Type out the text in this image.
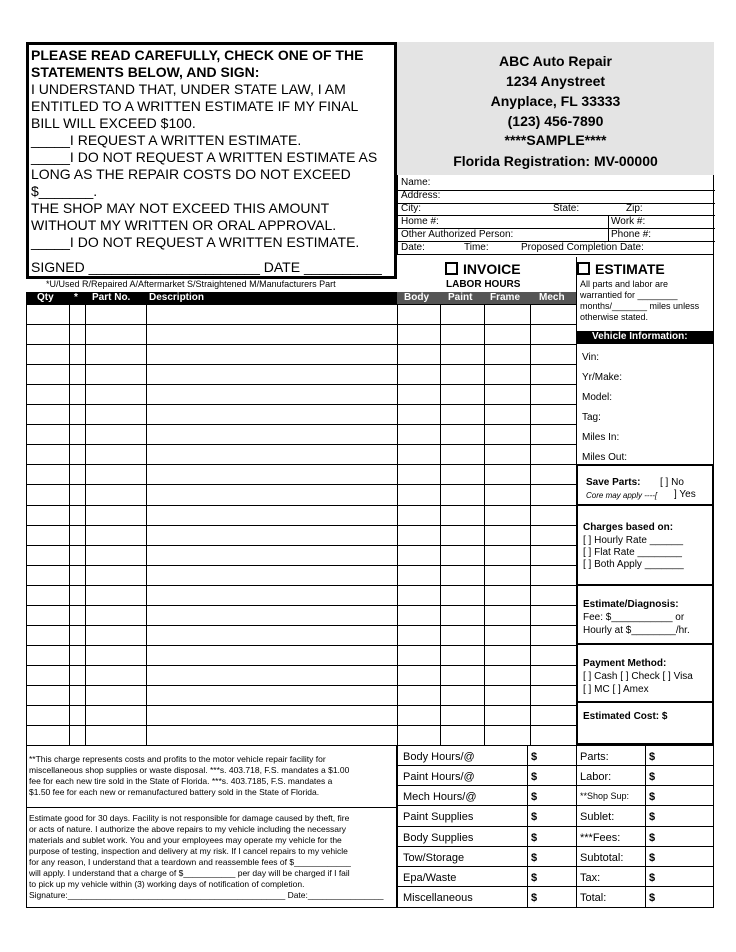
PLEASE READ CAREFULLY, CHECK ONE OF THE
STATEMENTS BELOW, AND SIGN:
I UNDERSTAND THAT, UNDER STATE LAW, I AM
ENTITLED TO A WRITTEN ESTIMATE IF MY FINAL
BILL WILL EXCEED $100.
_____I REQUEST A WRITTEN ESTIMATE.
_____I DO NOT REQUEST A WRITTEN ESTIMATE AS
LONG AS THE REPAIR COSTS DO NOT EXCEED
$_______.
THE SHOP MAY NOT EXCEED THIS AMOUNT
WITHOUT MY WRITTEN OR ORAL APPROVAL.
_____I DO NOT REQUEST A WRITTEN ESTIMATE.
SIGNED ______________________ DATE __________
ABC Auto Repair
1234 Anystreet
Anyplace, FL 33333
(123) 456-7890
****SAMPLE****
Florida Registration: MV-00000
Name:
Address:
City:	State:	Zip:
Home #:	Work #:
Other Authorized Person:	Phone #:
Date:	Time:	Proposed Completion Date:
INVOICE	ESTIMATE
*U/Used R/Repaired A/Aftermarket S/Straightened M/Manufacturers Part	LABOR HOURS
Qty * Part No. Description	Body Paint Frame Mech
All parts and labor are
warrantied for ________
months/_______ miles unless
otherwise stated.
Vehicle Information:
Vin:
Yr/Make:
Model:
Tag:
Miles In:
Miles Out:
Save Parts: [ ] No
Core may apply ----[ ] Yes
Charges based on:
[ ] Hourly Rate ______
[ ] Flat Rate ________
[ ] Both Apply _______
Estimate/Diagnosis:
Fee: $___________ or
Hourly at $________/hr.
Payment Method:
[ ] Cash [ ] Check [ ] Visa
[ ] MC [ ] Amex
Estimated Cost: $
**This charge represents costs and profits to the motor vehicle repair facility for
miscellaneous shop supplies or waste disposal. ***s. 403.718, F.S. mandates a $1.00
fee for each new tire sold in the State of Florida. ***s. 403.7185, F.S. mandates a
$1.50 fee for each new or remanufactured battery sold in the State of Florida.
Estimate good for 30 days. Facility is not responsible for damage caused by theft, fire
or acts of nature. I authorize the above repairs to my vehicle including the necessary
materials and sublet work. You and your employees may operate my vehicle for the
purpose of testing, inspection and delivery at my risk. If I cancel repairs to my vehicle
for any reason, I understand that a teardown and reassemble fees of $____________
will apply. I understand that a charge of $___________ per day will be charged if I fail
to pick up my vehicle within (3) working days of notification of completion.
Signature:______________________________________________ Date:________________
Body Hours/@	$
Paint Hours/@	$
Mech Hours/@	$
Paint Supplies	$
Body Supplies	$
Tow/Storage	$
Epa/Waste	$
Miscellaneous	$
Parts:	$
Labor:	$
**Shop Sup: $
Sublet:	$
***Fees:	$
Subtotal: $
Tax:	$
Total:	$
